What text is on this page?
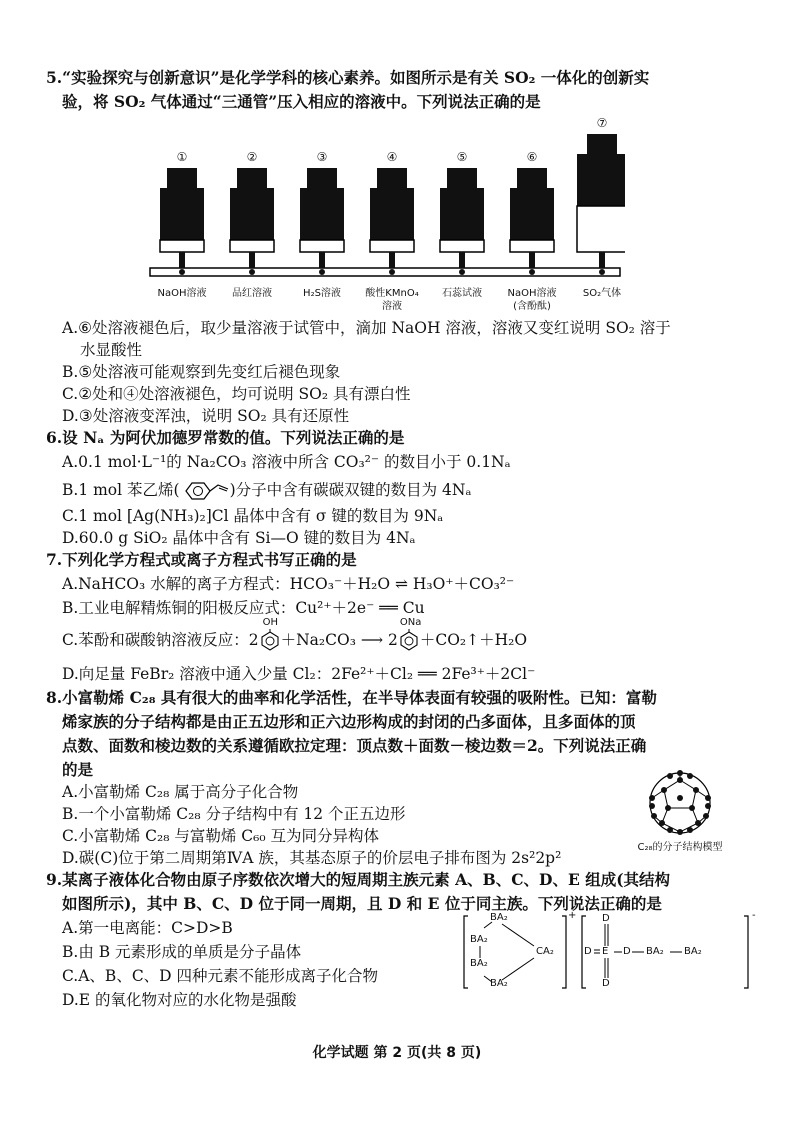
5.“实验探究与创新意识”是化学学科的核心素养。如图所示是有关 SO₂ 一体化的创新实
验，将 SO₂ 气体通过“三通管”压入相应的溶液中。下列说法正确的是
①	②	③	④	⑤	⑥
⑦
NaOH溶液	品红溶液	H₂S溶液	酸性KMnO₄
溶液
石蕊试液	NaOH溶液
(含酚酞)
SO₂气体
A.⑥处溶液褪色后，取少量溶液于试管中，滴加 NaOH 溶液，溶液又变红说明 SO₂ 溶于
水显酸性
B.⑤处溶液可能观察到先变红后褪色现象
C.②处和④处溶液褪色，均可说明 SO₂ 具有漂白性
D.③处溶液变浑浊，说明 SO₂ 具有还原性
6.设 Nₐ 为阿伏加德罗常数的值。下列说法正确的是
A.0.1 mol·L⁻¹的 Na₂CO₃ 溶液中所含 CO₃²⁻ 的数目小于 0.1Nₐ
B.1 mol 苯乙烯(	)分子中含有碳碳双键的数目为 4Nₐ
C.1 mol [Ag(NH₃)₂]Cl 晶体中含有 σ 键的数目为 9Nₐ
D.60.0 g SiO₂ 晶体中含有 Si—O 键的数目为 4Nₐ
7.下列化学方程式或离子方程式书写正确的是
A.NaHCO₃ 水解的离子方程式：HCO₃⁻＋H₂O ⇌ H₃O⁺＋CO₃²⁻
B.工业电解精炼铜的阳极反应式：Cu²⁺＋2e⁻ ══ Cu
C.苯酚和碳酸钠溶液反应：2
OH
＋Na₂CO₃ ⟶ 2
ONa
＋CO₂↑＋H₂O
D.向足量 FeBr₂ 溶液中通入少量 Cl₂：2Fe²⁺＋Cl₂ ══ 2Fe³⁺＋2Cl⁻
8.小富勒烯 C₂₈ 具有很大的曲率和化学活性，在半导体表面有较强的吸附性。已知：富勒
烯家族的分子结构都是由正五边形和正六边形构成的封闭的凸多面体，且多面体的顶
点数、面数和棱边数的关系遵循欧拉定理：顶点数＋面数－棱边数＝2。下列说法正确
的是
A.小富勒烯 C₂₈ 属于高分子化合物
B.一个小富勒烯 C₂₈ 分子结构中有 12 个正五边形
C.小富勒烯 C₂₈ 与富勒烯 C₆₀ 互为同分异构体
D.碳(C)位于第二周期第ⅣA 族，其基态原子的价层电子排布图为 2s²2p²
C₂₈的分子结构模型
9.某离子液体化合物由原子序数依次增大的短周期主族元素 A、B、C、D、E 组成(其结构
如图所示)，其中 B、C、D 位于同一周期，且 D 和 E 位于同主族。下列说法正确的是
A.第一电离能：C>D>B
B.由 B 元素形成的单质是分子晶体
C.A、B、C、D 四种元素不能形成离子化合物
D.E 的氧化物对应的水化物是强酸
BA₂
BA₂
BA₂
BA₂
CA₂
+	D
D E
D
D BA₂ BA₂
-
化学试题 第 2 页(共 8 页)
